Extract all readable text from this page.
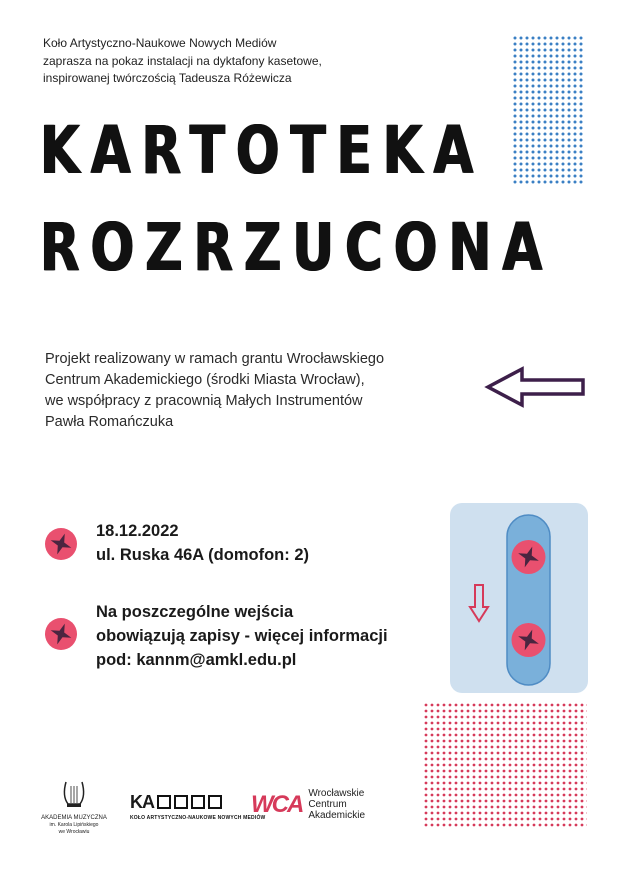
Koło Artystyczno-Naukowe Nowych Mediów
zaprasza na pokaz instalacji na dyktafony kasetowe,
inspirowanej twórczością Tadeusza Różewicza
KARTOTEKA
ROZRZUCONA
Projekt realizowany w ramach grantu Wrocławskiego
Centrum Akademickiego (środki Miasta Wrocław),
we współpracy z pracownią Małych Instrumentów
Pawła Romańczuka
18.12.2022
ul. Ruska 46A (domofon: 2)
Na poszczególne wejścia
obowiązują zapisy - więcej informacji
pod: kannm@amkl.edu.pl
AKADEMIA MUZYCZNA
im. Karola Lipińskiego
we Wrocławiu
KA
KOŁO ARTYSTYCZNO-NAUKOWE NOWYCH MEDIÓW
WCA Wrocławskie
Centrum
Akademickie
